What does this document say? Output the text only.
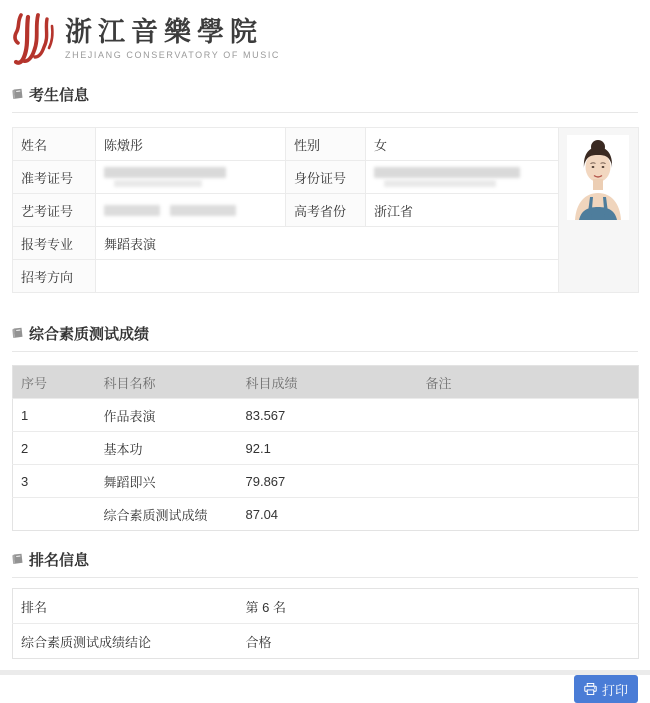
浙江音樂學院
ZHEJIANG CONSERVATORY OF MUSIC
考生信息
姓名	陈燉彤	性别	女	

准考证号		身份证号		

艺考证号		高考省份	浙江省	
报考专业	舞蹈表演			
招考方向				
综合素质测试成绩
序号	科目名称	科目成绩	备注
1	作品表演	83.567	
2	基本功	92.1	
3	舞蹈即兴	79.867	
	综合素质测试成绩	87.04	
排名信息
排名	第 6 名
综合素质测试成绩结论	合格
打印
